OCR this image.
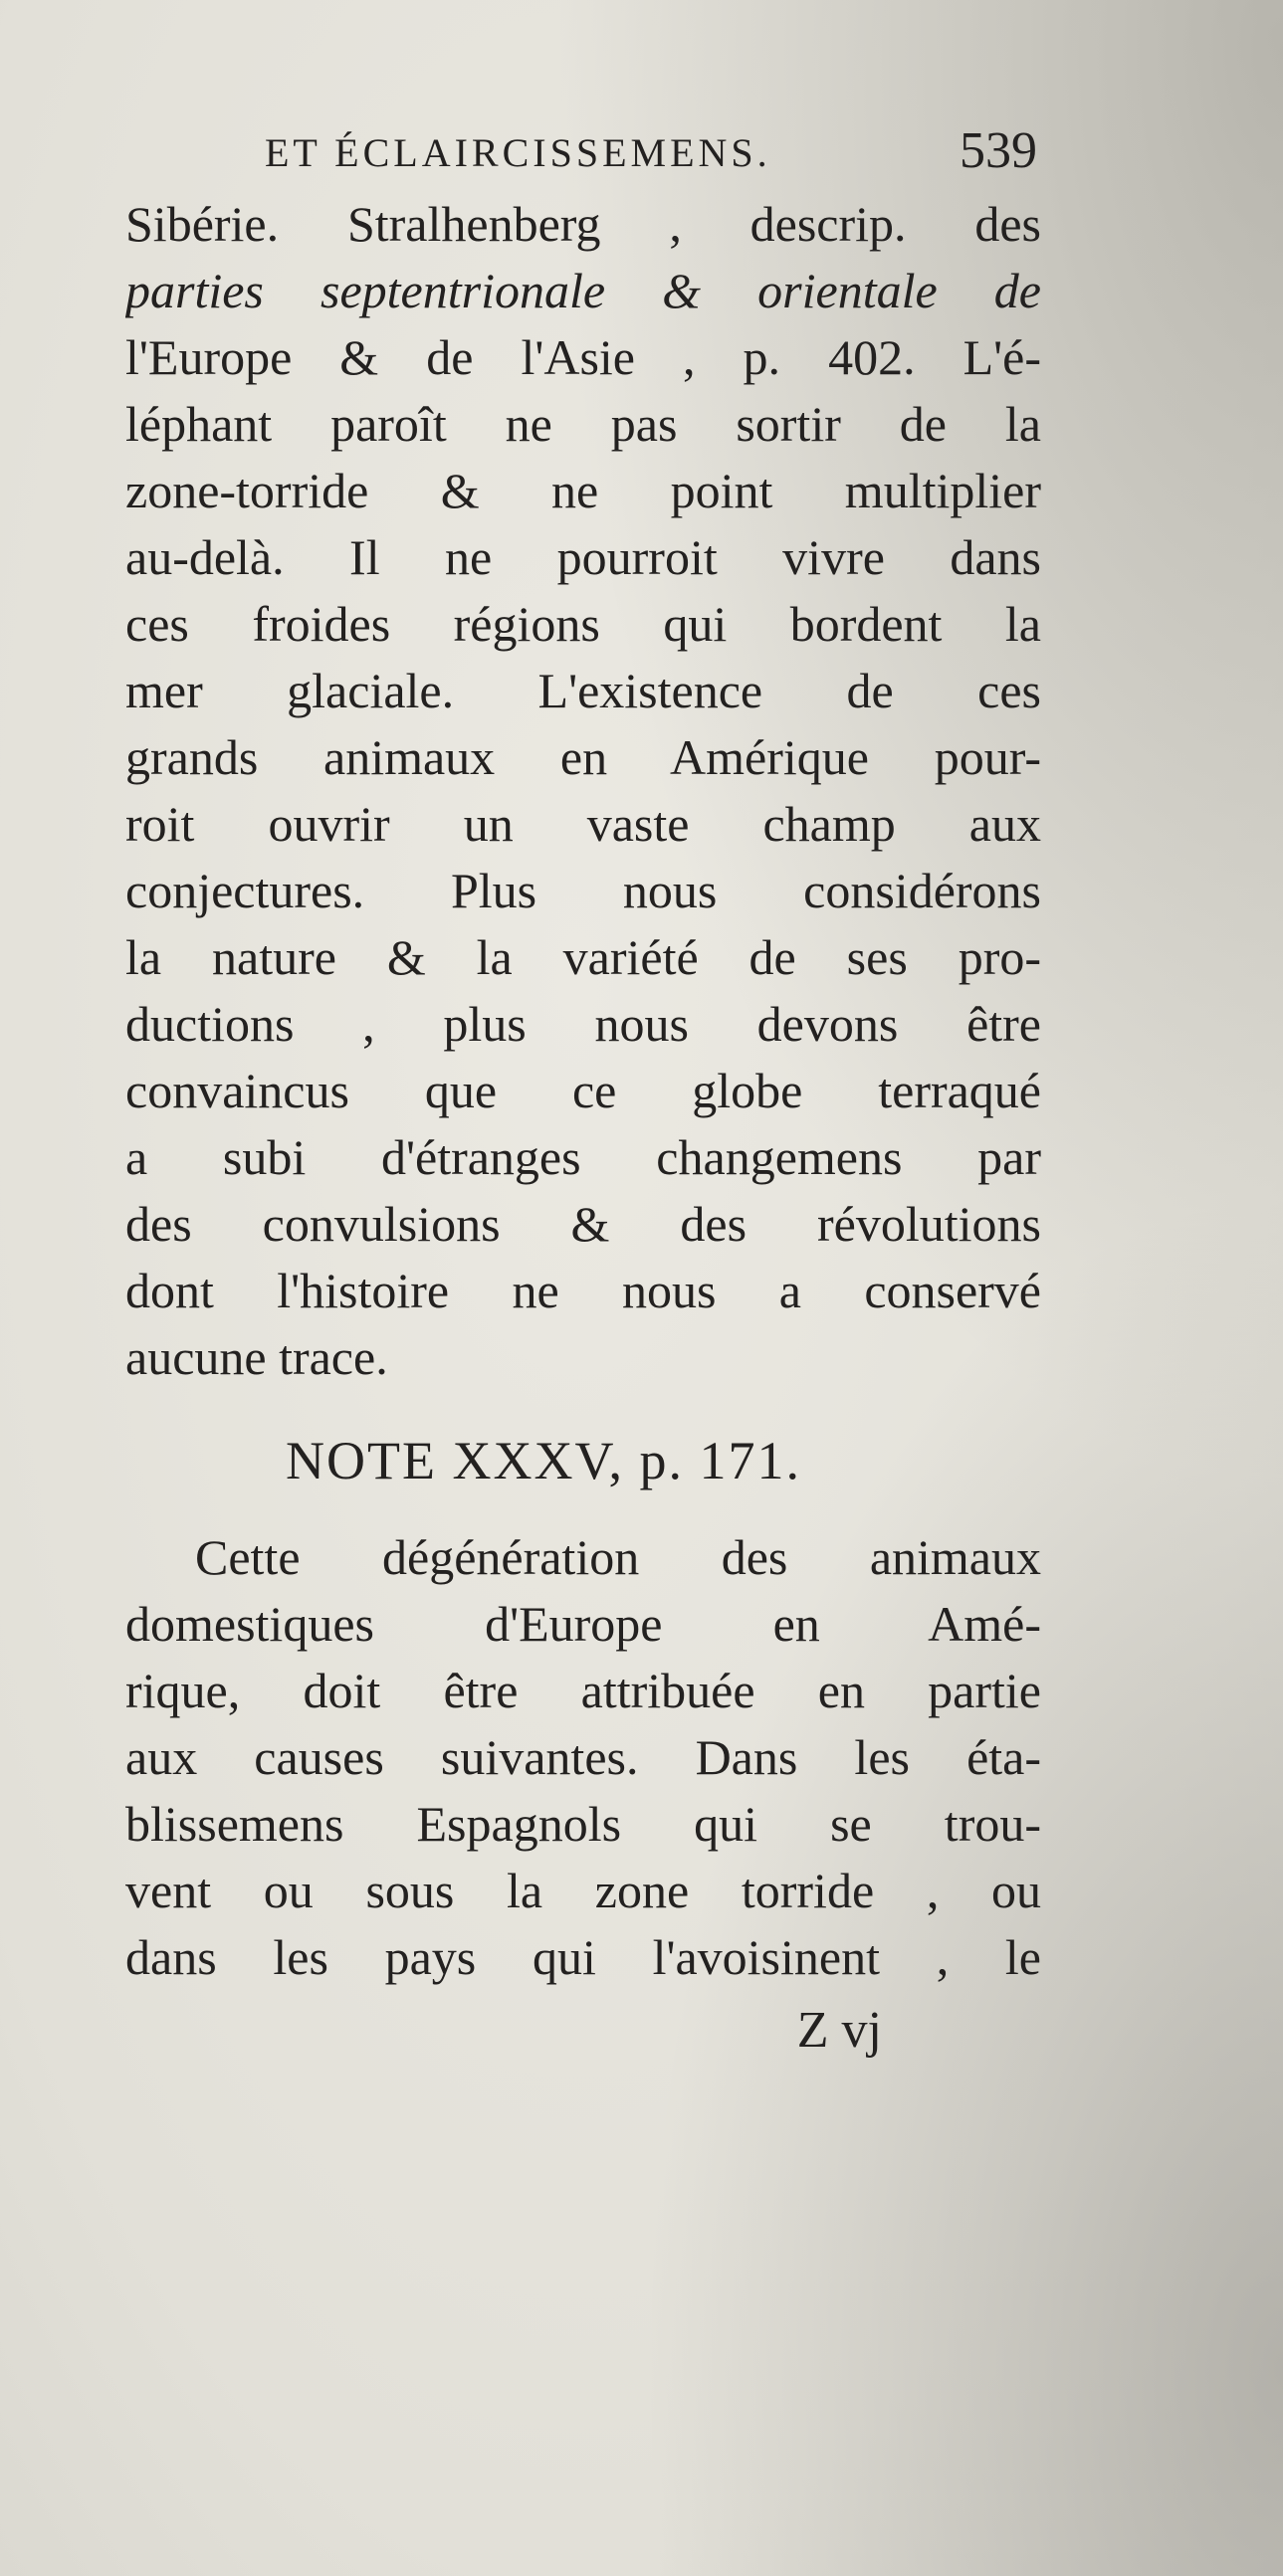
ET ÉCLAIRCISSEMENS.	539
Sibérie. Stralhenberg , descrip. des
parties septentrionale & orientale de
l'Europe & de l'Asie , p. 402. L'é-
léphant paroît ne pas sortir de la
zone-torride & ne point multiplier
au-delà. Il ne pourroit vivre dans
ces froides régions qui bordent la
mer glaciale. L'existence de ces
grands animaux en Amérique pour-
roit ouvrir un vaste champ aux
conjectures. Plus nous considérons
la nature & la variété de ses pro-
ductions , plus nous devons être
convaincus que ce globe terraqué
a subi d'étranges changemens par
des convulsions & des révolutions
dont l'histoire ne nous a conservé
aucune trace.
NOTE XXXV, p. 171.
Cette dégénération des animaux
domestiques d'Europe en Amé-
rique, doit être attribuée en partie
aux causes suivantes. Dans les éta-
blissemens Espagnols qui se trou-
vent ou sous la zone torride , ou
dans les pays qui l'avoisinent , le
Z vj
